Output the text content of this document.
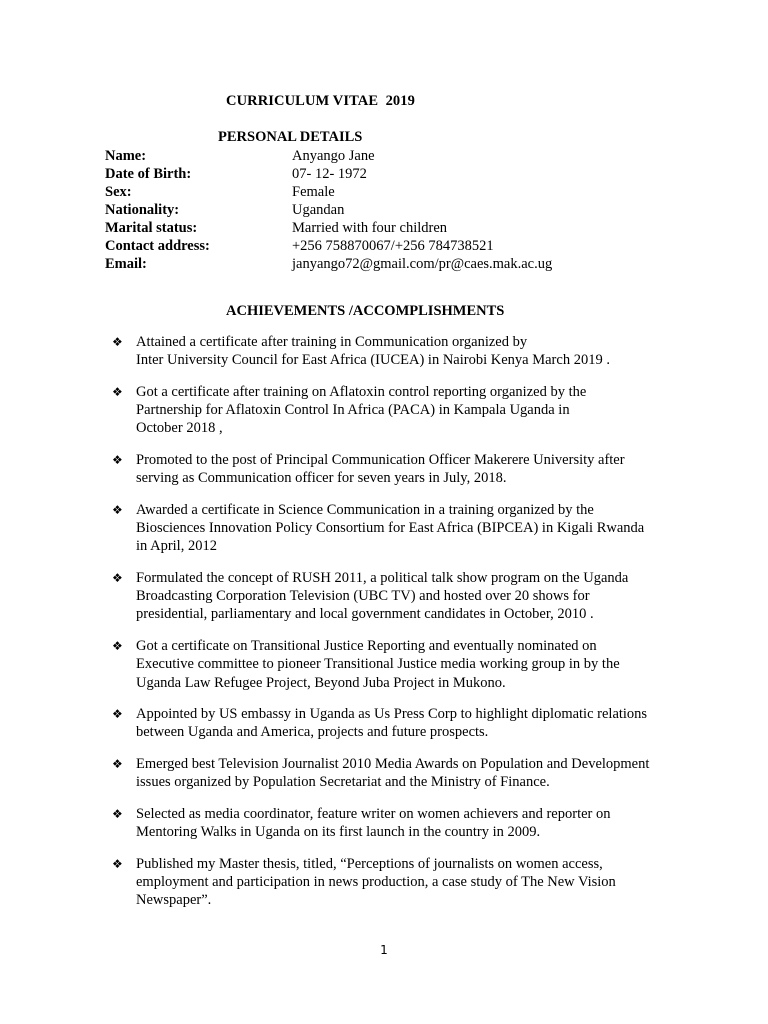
CURRICULUM VITAE  2019
PERSONAL DETAILS
Name:	Anyango Jane
Date of Birth:	07- 12- 1972
Sex:	Female
Nationality:	Ugandan
Marital status:	Married with four children
Contact address:	+256 758870067/+256 784738521
Email:	janyango72@gmail.com/pr@caes.mak.ac.ug
ACHIEVEMENTS /ACCOMPLISHMENTS
❖ Attained a certificate after training in Communication organized by
Inter University Council for East Africa (IUCEA) in Nairobi Kenya March 2019 .
❖ Got a certificate after training on Aflatoxin control reporting organized by the
Partnership for Aflatoxin Control In Africa (PACA) in Kampala Uganda in
October 2018 ,
❖ Promoted to the post of Principal Communication Officer Makerere University after
serving as Communication officer for seven years in July, 2018.
❖ Awarded a certificate in Science Communication in a training organized by the
Biosciences Innovation Policy Consortium for East Africa (BIPCEA) in Kigali Rwanda
in April, 2012
❖ Formulated the concept of RUSH 2011, a political talk show program on the Uganda
Broadcasting Corporation Television (UBC TV) and hosted over 20 shows for
presidential, parliamentary and local government candidates in October, 2010 .
❖ Got a certificate on Transitional Justice Reporting and eventually nominated on
Executive committee to pioneer Transitional Justice media working group in by the
Uganda Law Refugee Project, Beyond Juba Project in Mukono.
❖ Appointed by US embassy in Uganda as Us Press Corp to highlight diplomatic relations
between Uganda and America, projects and future prospects.
❖ Emerged best Television Journalist 2010 Media Awards on Population and Development
issues organized by Population Secretariat and the Ministry of Finance.
❖ Selected as media coordinator, feature writer on women achievers and reporter on
Mentoring Walks in Uganda on its first launch in the country in 2009.
❖ Published my Master thesis, titled, “Perceptions of journalists on women access,
employment and participation in news production, a case study of The New Vision
Newspaper”.
1
